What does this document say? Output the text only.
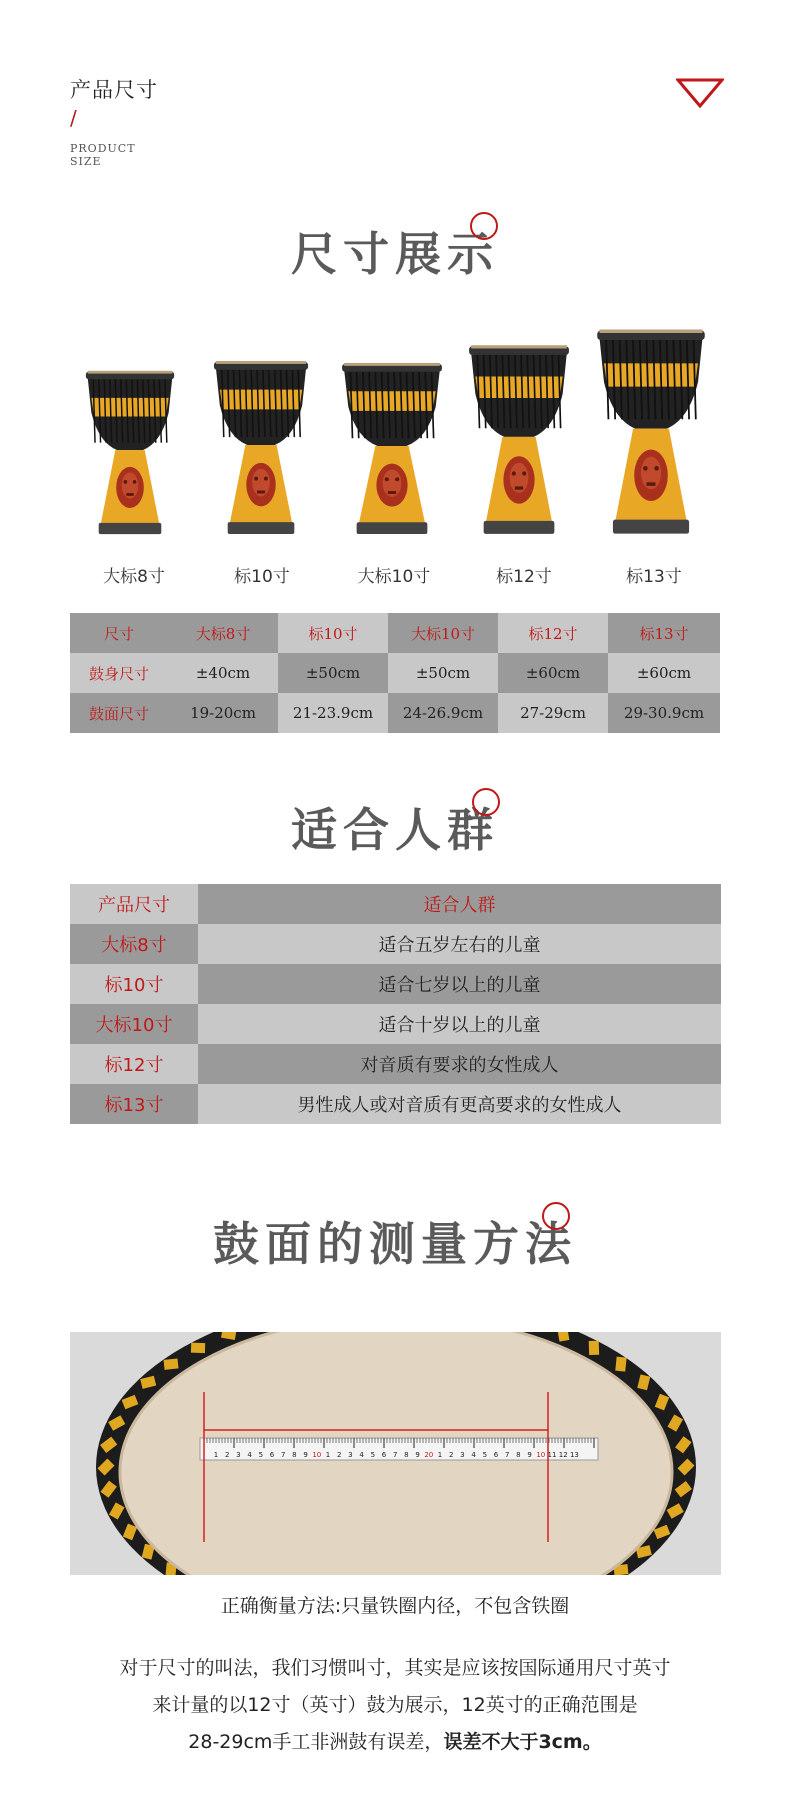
产品尺寸
/
PRODUCT
SIZE
尺寸展示
大标8寸	标10寸	大标10寸	标12寸	标13寸
尺寸	大标8寸	标10寸	大标10寸	标12寸	标13寸
鼓身尺寸	±40cm	±50cm	±50cm	±60cm	±60cm
鼓面尺寸	19-20cm	21-23.9cm	24-26.9cm	27-29cm	29-30.9cm
适合人群
产品尺寸	适合人群
大标8寸	适合五岁左右的儿童
标10寸	适合七岁以上的儿童
大标10寸	适合十岁以上的儿童
标12寸	对音质有要求的女性成人
标13寸	男性成人或对音质有更高要求的女性成人
鼓面的测量方法
1 2 3 4 5 6 7 8 9 10 1 2 3 4 5 6 7 8 9 20 1 2 3 4 5 6 7 8 9 10 11 12 13
正确衡量方法:只量铁圈内径，不包含铁圈
对于尺寸的叫法，我们习惯叫寸，其实是应该按国际通用尺寸英寸
来计量的以12寸（英寸）鼓为展示，12英寸的正确范围是
28-29cm手工非洲鼓有误差，误差不大于3cm。
